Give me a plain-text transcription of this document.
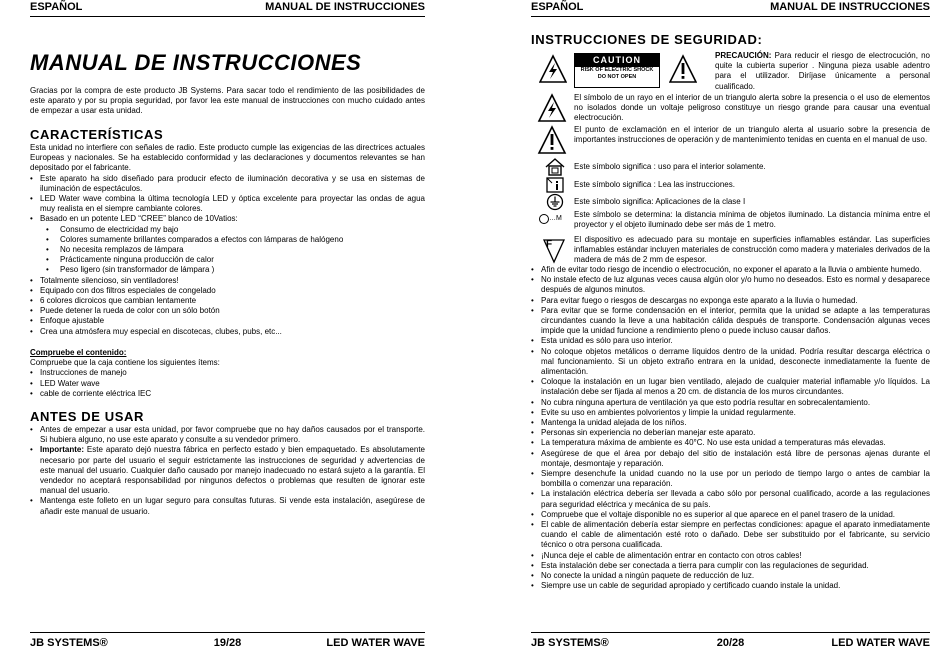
ESPAÑOL	MANUAL DE INSTRUCCIONES
MANUAL DE INSTRUCCIONES
Gracias por la compra de este producto JB Systems. Para sacar todo el rendimiento de las posibilidades de este aparato y por su propia seguridad, por favor lea este manual de instrucciones con mucho cuidado antes de empezar a usar esta unidad.
CARACTERÍSTICAS
Esta unidad no interfiere con señales de radio. Este producto cumple las exigencias de las directrices actuales Europeas y nacionales. Se ha establecido conformidad y las declaraciones y documentos relevantes se han depositado por el fabricante.
• Este aparato ha sido diseñado para producir efecto de iluminación decorativa y se usa en sistemas de iluminación de espectáculos.
• LED Water wave combina la última tecnología LED y óptica excelente para proyectar las ondas de agua muy realista en el siempre cambiante colores.
• Basado en un potente LED “CREE” blanco de 10Vatios:
• Consumo de electricidad my bajo
• Colores sumamente brillantes comparados a efectos con lámparas de halógeno
• No necesita remplazos de lámpara
• Prácticamente ninguna producción de calor
• Peso ligero (sin transformador de lámpara )
• Totalmente silencioso, sin ventiladores!
• Equipado con dos filtros especiales de congelado
• 6 colores dicroicos que cambian lentamente
• Puede detener la rueda de color con un sólo botón
• Enfoque ajustable
• Crea una atmósfera muy especial en discotecas, clubes, pubs, etc...
Compruebe el contenido:
Compruebe que la caja contiene los siguientes ítems:
• Instrucciones de manejo
• LED Water wave
• cable de corriente eléctrica IEC
ANTES DE USAR
• Antes de empezar a usar esta unidad, por favor compruebe que no hay daños causados por el transporte. Si hubiera alguno, no use este aparato y consulte a su vendedor primero.
• Importante: Este aparato dejó nuestra fábrica en perfecto estado y bien empaquetado. Es absolutamente necesario por parte del usuario el seguir estrictamente las instrucciones de seguridad y advertencias de este manual del usuario. Cualquier daño causado por manejo inadecuado no estará sujeto a la garantía. El vendedor no aceptará responsabilidad por ningunos defectos o problemas que resulten de ignorar este manual del usuario.
• Mantenga este folleto en un lugar seguro para consultas futuras. Si vende esta instalación, asegúrese de añadir este manual de usuario.
JB SYSTEMS®	19/28	LED WATER WAVE
ESPAÑOL	MANUAL DE INSTRUCCIONES
INSTRUCCIONES DE SEGURIDAD:
CAUTION
RISK OF ELECTRIC SHOCK
DO NOT OPEN
PRECAUCIÓN: Para reducir el riesgo de electrocución, no quite la cubierta superior . Ninguna pieza usable adentro para el utilizador. Diríjase únicamente a personal cualificado.
El símbolo de un rayo en el interior de un triangulo alerta sobre la presencia o el uso de elementos no isolados donde un voltaje peligroso constituye un riesgo grande para causar una eventual electrocución.
El punto de exclamación en el interior de un triangulo alerta al usuario sobre la presencia de importantes instrucciones de operación y de mantenimiento tenidas en cuenta en el manual de uso.
Este símbolo significa : uso para el interior solamente.
Este símbolo significa : Lea las instrucciones.
Este símbolo significa: Aplicaciones de la clase I
…M	Este símbolo se determina: la distancia mínima de objetos iluminado. La distancia mínima entre el proyector y el objeto iluminado debe ser más de 1 metro.
F	El dispositivo es adecuado para su montaje en superficies inflamables estándar. Las superficies inflamables estándar incluyen materiales de construcción como madera y materiales derivados de la madera de más de 2 mm de espesor.
• Afin de evitar todo riesgo de incendio o electrocución, no exponer el aparato a la lluvia o ambiente humedo.
• No instale efecto de luz algunas veces causa algún olor y/o humo no deseados. Esto es normal y desaparece después de algunos minutos.
• Para evitar fuego o riesgos de descargas no exponga este aparato a la lluvia o humedad.
• Para evitar que se forme condensación en el interior, permita que la unidad se adapte a las temperaturas circundantes cuando la lleve a una habitación cálida después de transporte. Condensación algunas veces impide que la unidad funcione a rendimiento pleno o puede incluso causar daños.
• Esta unidad es sólo para uso interior.
• No coloque objetos metálicos o derrame líquidos dentro de la unidad. Podría resultar descarga eléctrica o mal funcionamiento. Si un objeto extraño entrara en la unidad, desconecte inmediatamente la fuente de alimentación.
• Coloque la instalación en un lugar bien ventilado, alejado de cualquier material inflamable y/o líquidos. La instalación debe ser fijada al menos a 20 cm. de distancia de los muros circundantes.
• No cubra ninguna apertura de ventilación ya que esto podría resultar en sobrecalentamiento.
• Evite su uso en ambientes polvorientos y limpie la unidad regularmente.
• Mantenga la unidad alejada de los niños.
• Personas sin experiencia no deberían manejar este aparato.
• La temperatura máxima de ambiente es 40°C. No use esta unidad a temperaturas más elevadas.
• Asegúrese de que el área por debajo del sitio de instalación está libre de personas ajenas durante el montaje, desmontaje y reparación.
• Siempre desenchufe la unidad cuando no la use por un periodo de tiempo largo o antes de cambiar la bombilla o comenzar una reparación.
• La instalación eléctrica debería ser llevada a cabo sólo por personal cualificado, acorde a las regulaciones para seguridad eléctrica y mecánica de su país.
• Compruebe que el voltaje disponible no es superior al que aparece en el panel trasero de la unidad.
• El cable de alimentación debería estar siempre en perfectas condiciones: apague el aparato inmediatamente cuando el cable de alimentación esté roto o dañado. Debe ser substituido por el fabricante, su servicio técnico o otra persona cualificada.
• ¡Nunca deje el cable de alimentación entrar en contacto con otros cables!
• Esta instalación debe ser conectada a tierra para cumplir con las regulaciones de seguridad.
• No conecte la unidad a ningún paquete de reducción de luz.
• Siempre use un cable de seguridad apropiado y certificado cuando instale la unidad.
JB SYSTEMS®	20/28	LED WATER WAVE
